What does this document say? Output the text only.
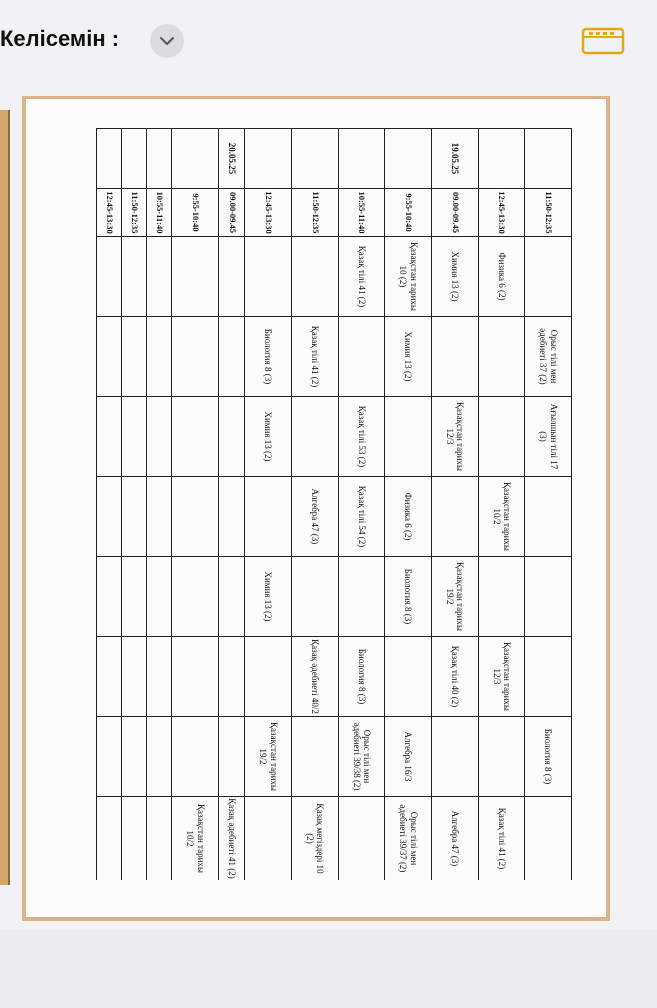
Келісемін :
	11:50-12:35		Орыс тілі мен әдебиеті 37 (2)	Ағылшын тілі 17 (3)				Биология 8 (3)	
	12:45-13:30	Физика 6 (2)			Қазақстан тарихы 10/2		Қазақстан тарихы 12/3		Қазақ тілі 41 (2)
19.05.25	09.00-09.45	Химия 13 (2)		Қазақстан тарихы 12/3		Қазақстан тарихы 19/2	Қазақ тілі 40 (2)		Алгебра 47 (3)
	9:55-10:40	Қазақстан тарихы 10 (2)	Химия 13 (2)		Физика 6 (2)	Биология 8 (3)		Алгебра 16/3	Орыс тілі мен әдебиеті 39/37 (2)
	10:55-11:40	Қазақ тілі 41 (2)		Қазақ тілі 53 (2)	Қазақ тілі 54 (2)		Биология 8 (3)	Орыс тілі мен әдебиеті 39/38 (2)	
	11:50-12:35		Қазақ тілі 41 (2)		Алгебра 47 (3)		Қазақ әдебиеті 40/2		Қазақ мегіздері 10 (2)
	12:45-13:30		Биология 8 (3)	Химия 13 (2)		Химия 13 (2)		Қазақстан тарихы 19/2	
20.05.25	09.00-09.45								Қазақ әдебиеті 41 (2)
	9:55-10:40								Қазақстан тарихы 10/2
	10:55-11:40								
	11:50-12:35								
	12:45-13:30								
